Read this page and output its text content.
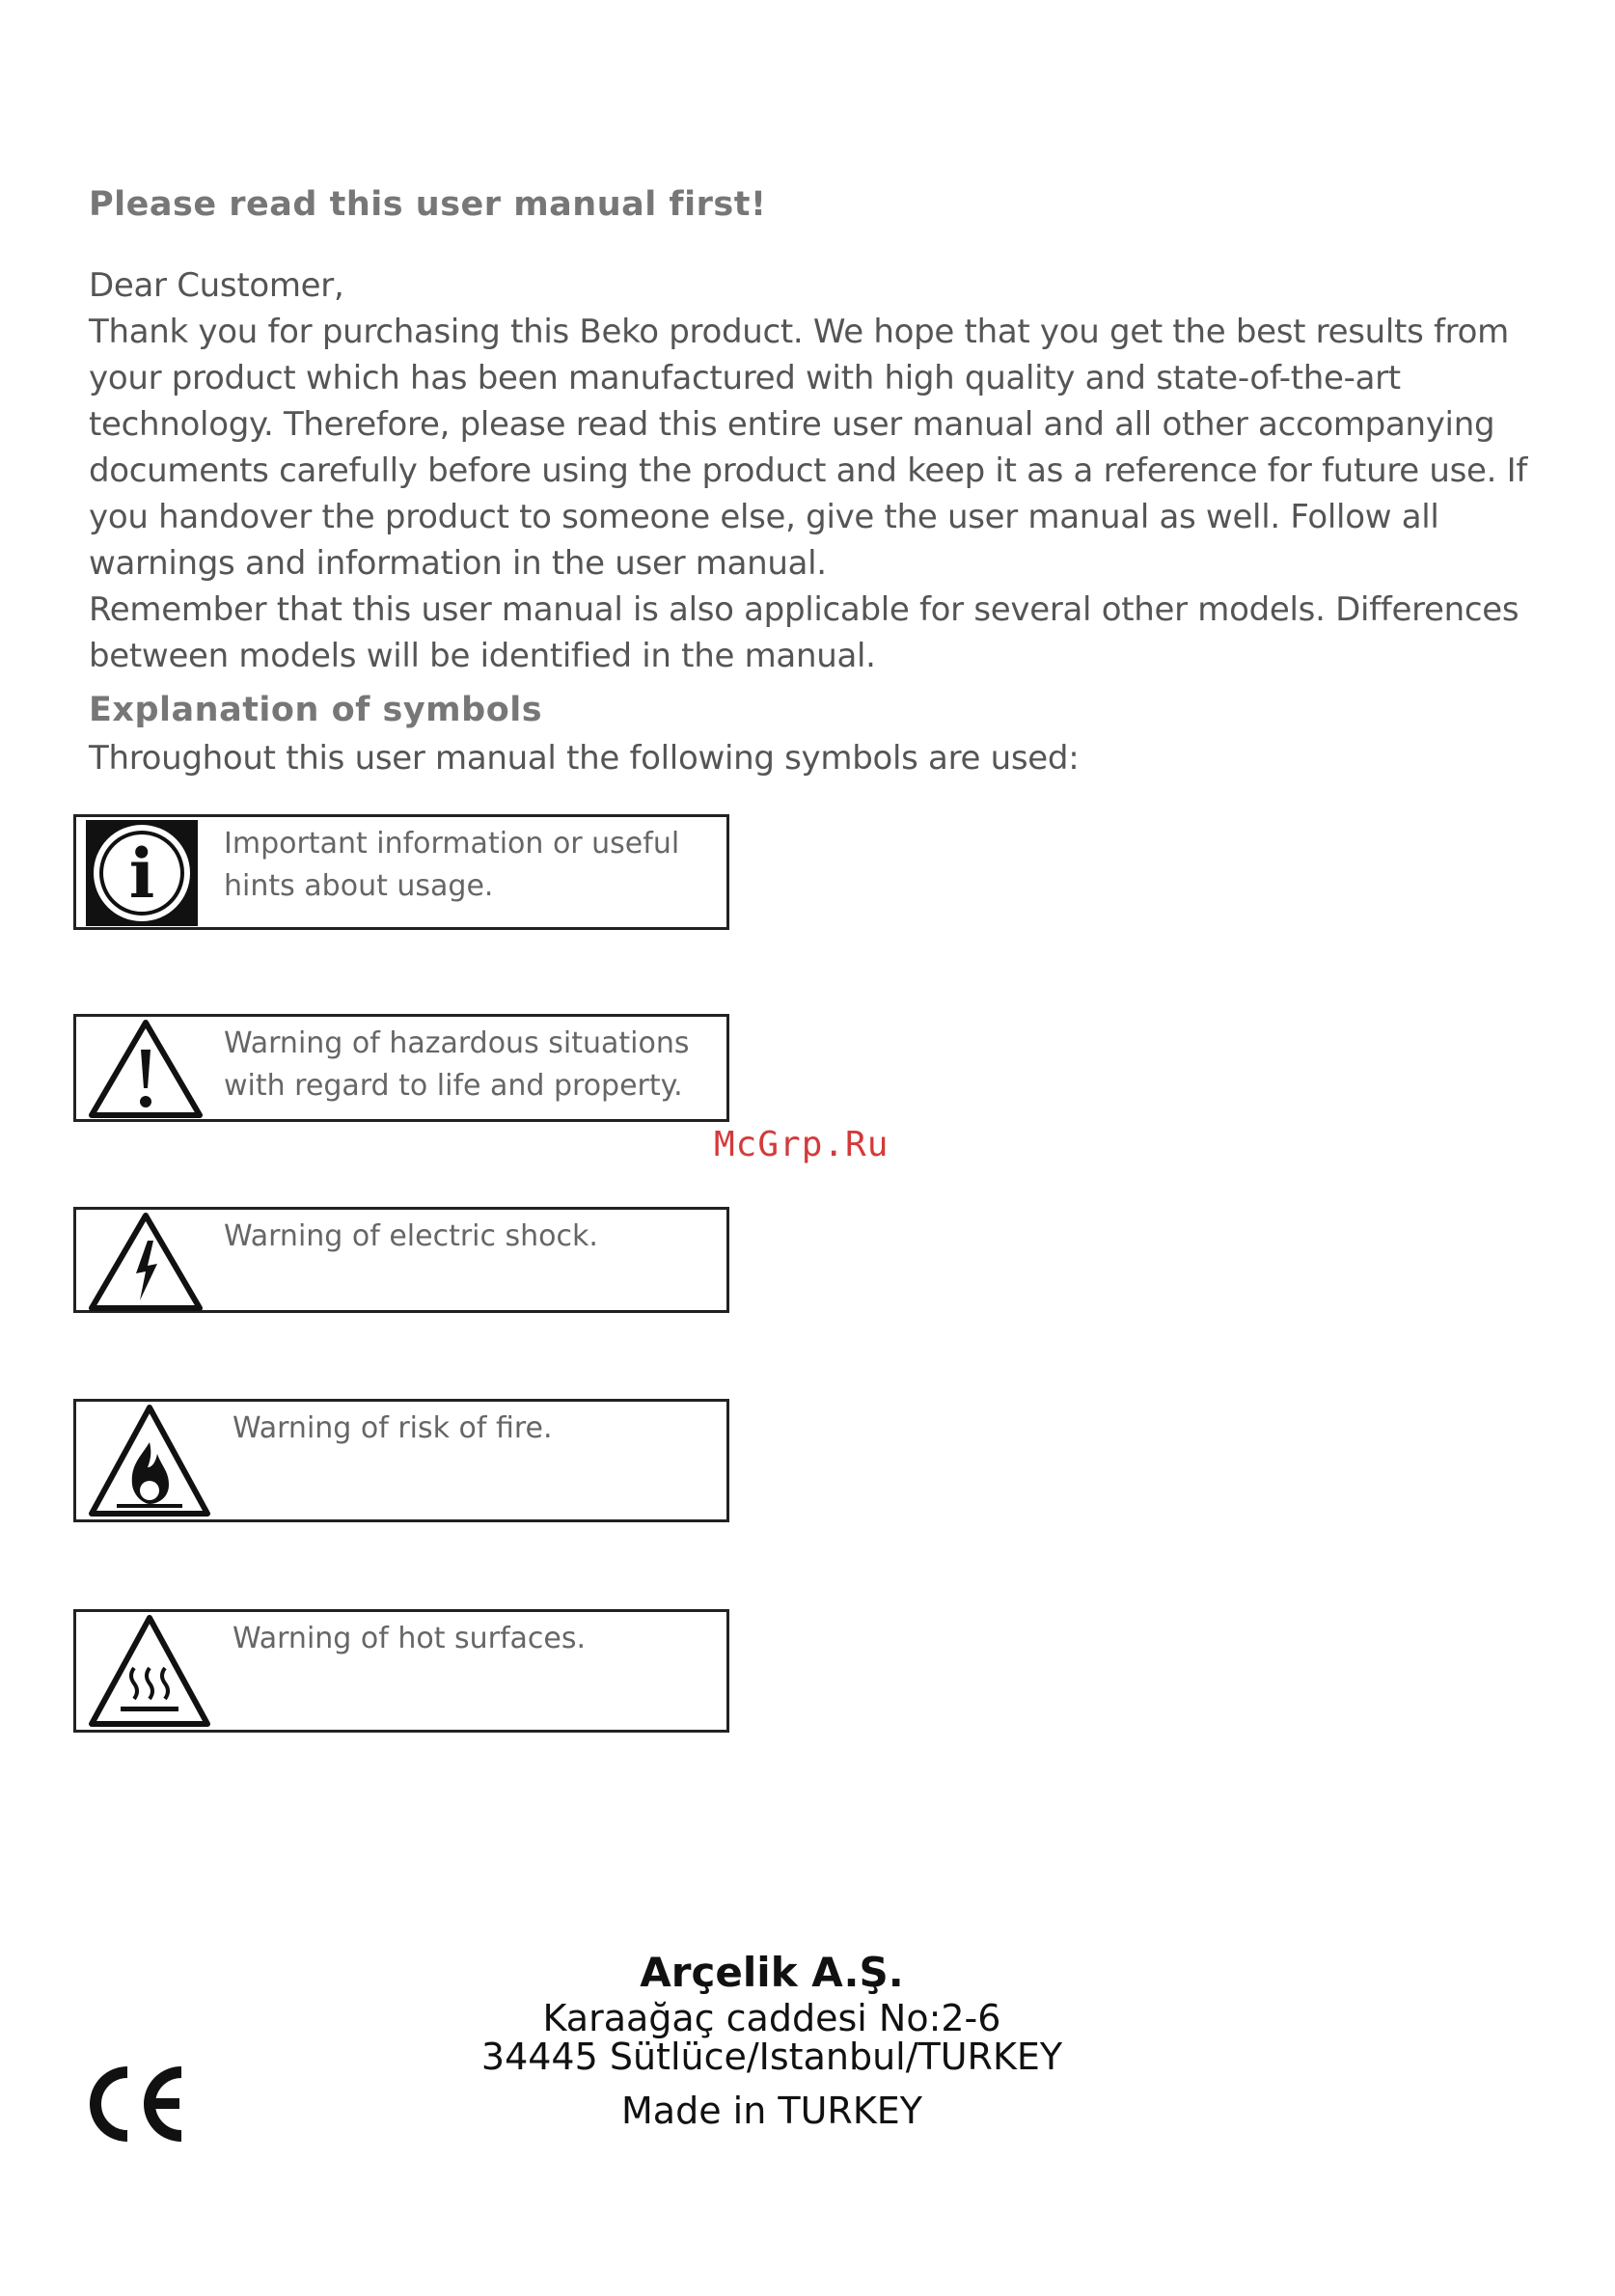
Please read this user manual first!

Dear Customer,

Thank you for purchasing this Beko product. We hope that you get the best results from your product which has been manufactured with high quality and state-of-the-art technology. Therefore, please read this entire user manual and all other accompanying documents carefully before using the product and keep it as a reference for future use. If you handover the product to someone else, give the user manual as well. Follow all warnings and information in the user manual.

Remember that this user manual is also applicable for several other models. Differences between models will be identified in the manual.

Explanation of symbols
Throughout this user manual the following symbols are used:
i Important information or useful hints about usage.
Warning of hazardous situations with regard to life and property.
Warning of electric shock.
Warning of risk of fire.
Warning of hot surfaces.
McGrp.Ru
Arçelik A.Ş.
Karaağaç caddesi No:2-6
34445 Sütlüce/Istanbul/TURKEY
Made in TURKEY
